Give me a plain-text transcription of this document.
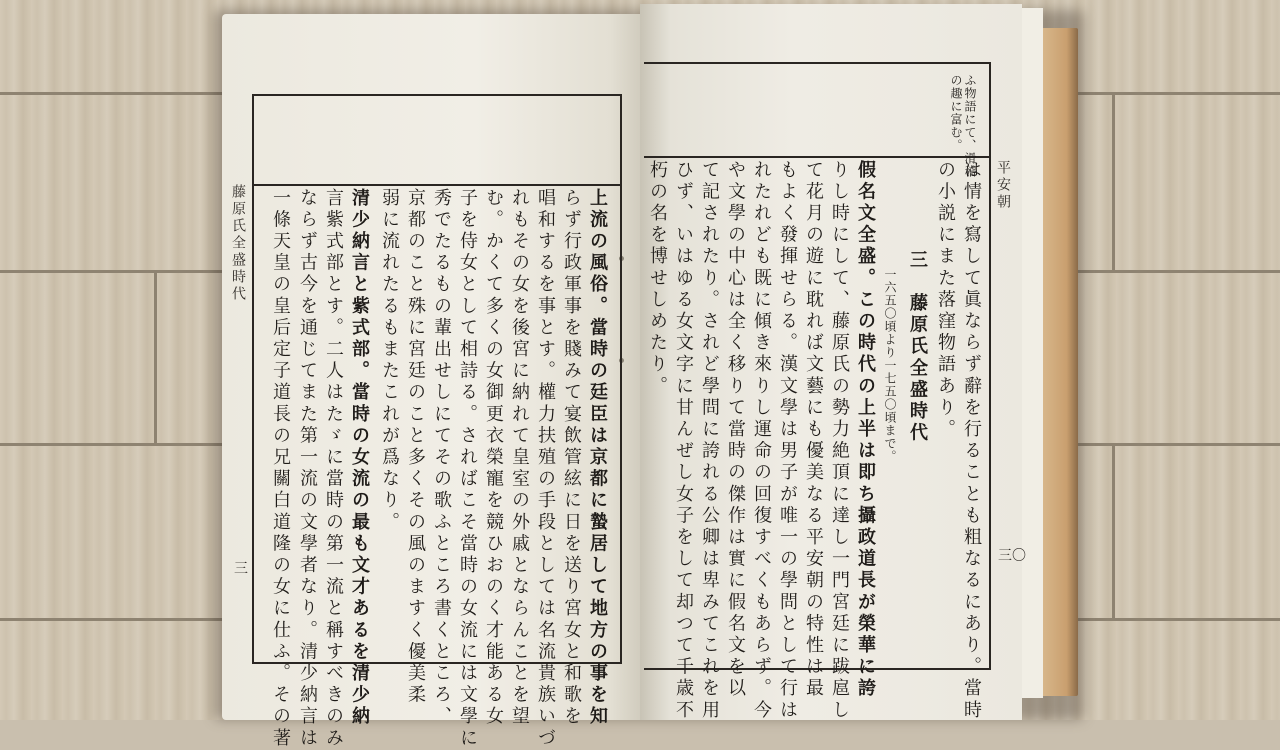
藤原氏全盛時代
三	上流の風俗。當時の廷臣は京都に蟄居して地方の事を知
らず行政軍事を賤みて宴飲管絃に日を送り宮女と和歌を
唱和するを事とす。權力扶殖の手段としては名流貴族いづ
れもその女を後宮に納れて皇室の外戚とならんことを望
む。かくて多くの女御更衣榮寵を競ひおのく才能ある女
子を侍女として相詩る。さればこそ當時の女流には文學に
秀でたるもの輩出せしにてその歌ふところ書くところ、
京都のこと殊に宮廷のこと多くその風のますく優美柔
弱に流れたるもまたこれが爲なり。
清少納言と紫式部。當時の女流の最も文才あるを清少納
言紫式部とす。二人はたゞに當時の第一流と稱すべきのみ
ならず古今を通じてまた第一流の文學者なり。清少納言は
一條天皇の皇后定子道長の兄關白道隆の女に仕ふ。その著
ふ物語にて、滑稽
の趣に富む。
平安朝
三〇
は情を寫して眞ならず辭を行ることも粗なるにあり。當時
の小説にまた落窪物語あり。
三　藤原氏全盛時代
一六五〇頃より一七五〇頃まで。
假名文全盛。この時代の上半は即ち攝政道長が榮華に誇
りし時にして、藤原氏の勢力絶頂に達し一門宮廷に跋扈し
て花月の遊に耽れば文藝にも優美なる平安朝の特性は最
もよく發揮せらる。漢文學は男子が唯一の學問として行は
れたれども既に傾き來りし運命の回復すべくもあらず。今
や文學の中心は全く移りて當時の傑作は實に假名文を以
て記されたり。されど學問に誇れる公卿は卑みてこれを用
ひず、いはゆる女文字に甘んぜし女子をして却つて千歳不
朽の名を博せしめたり。
